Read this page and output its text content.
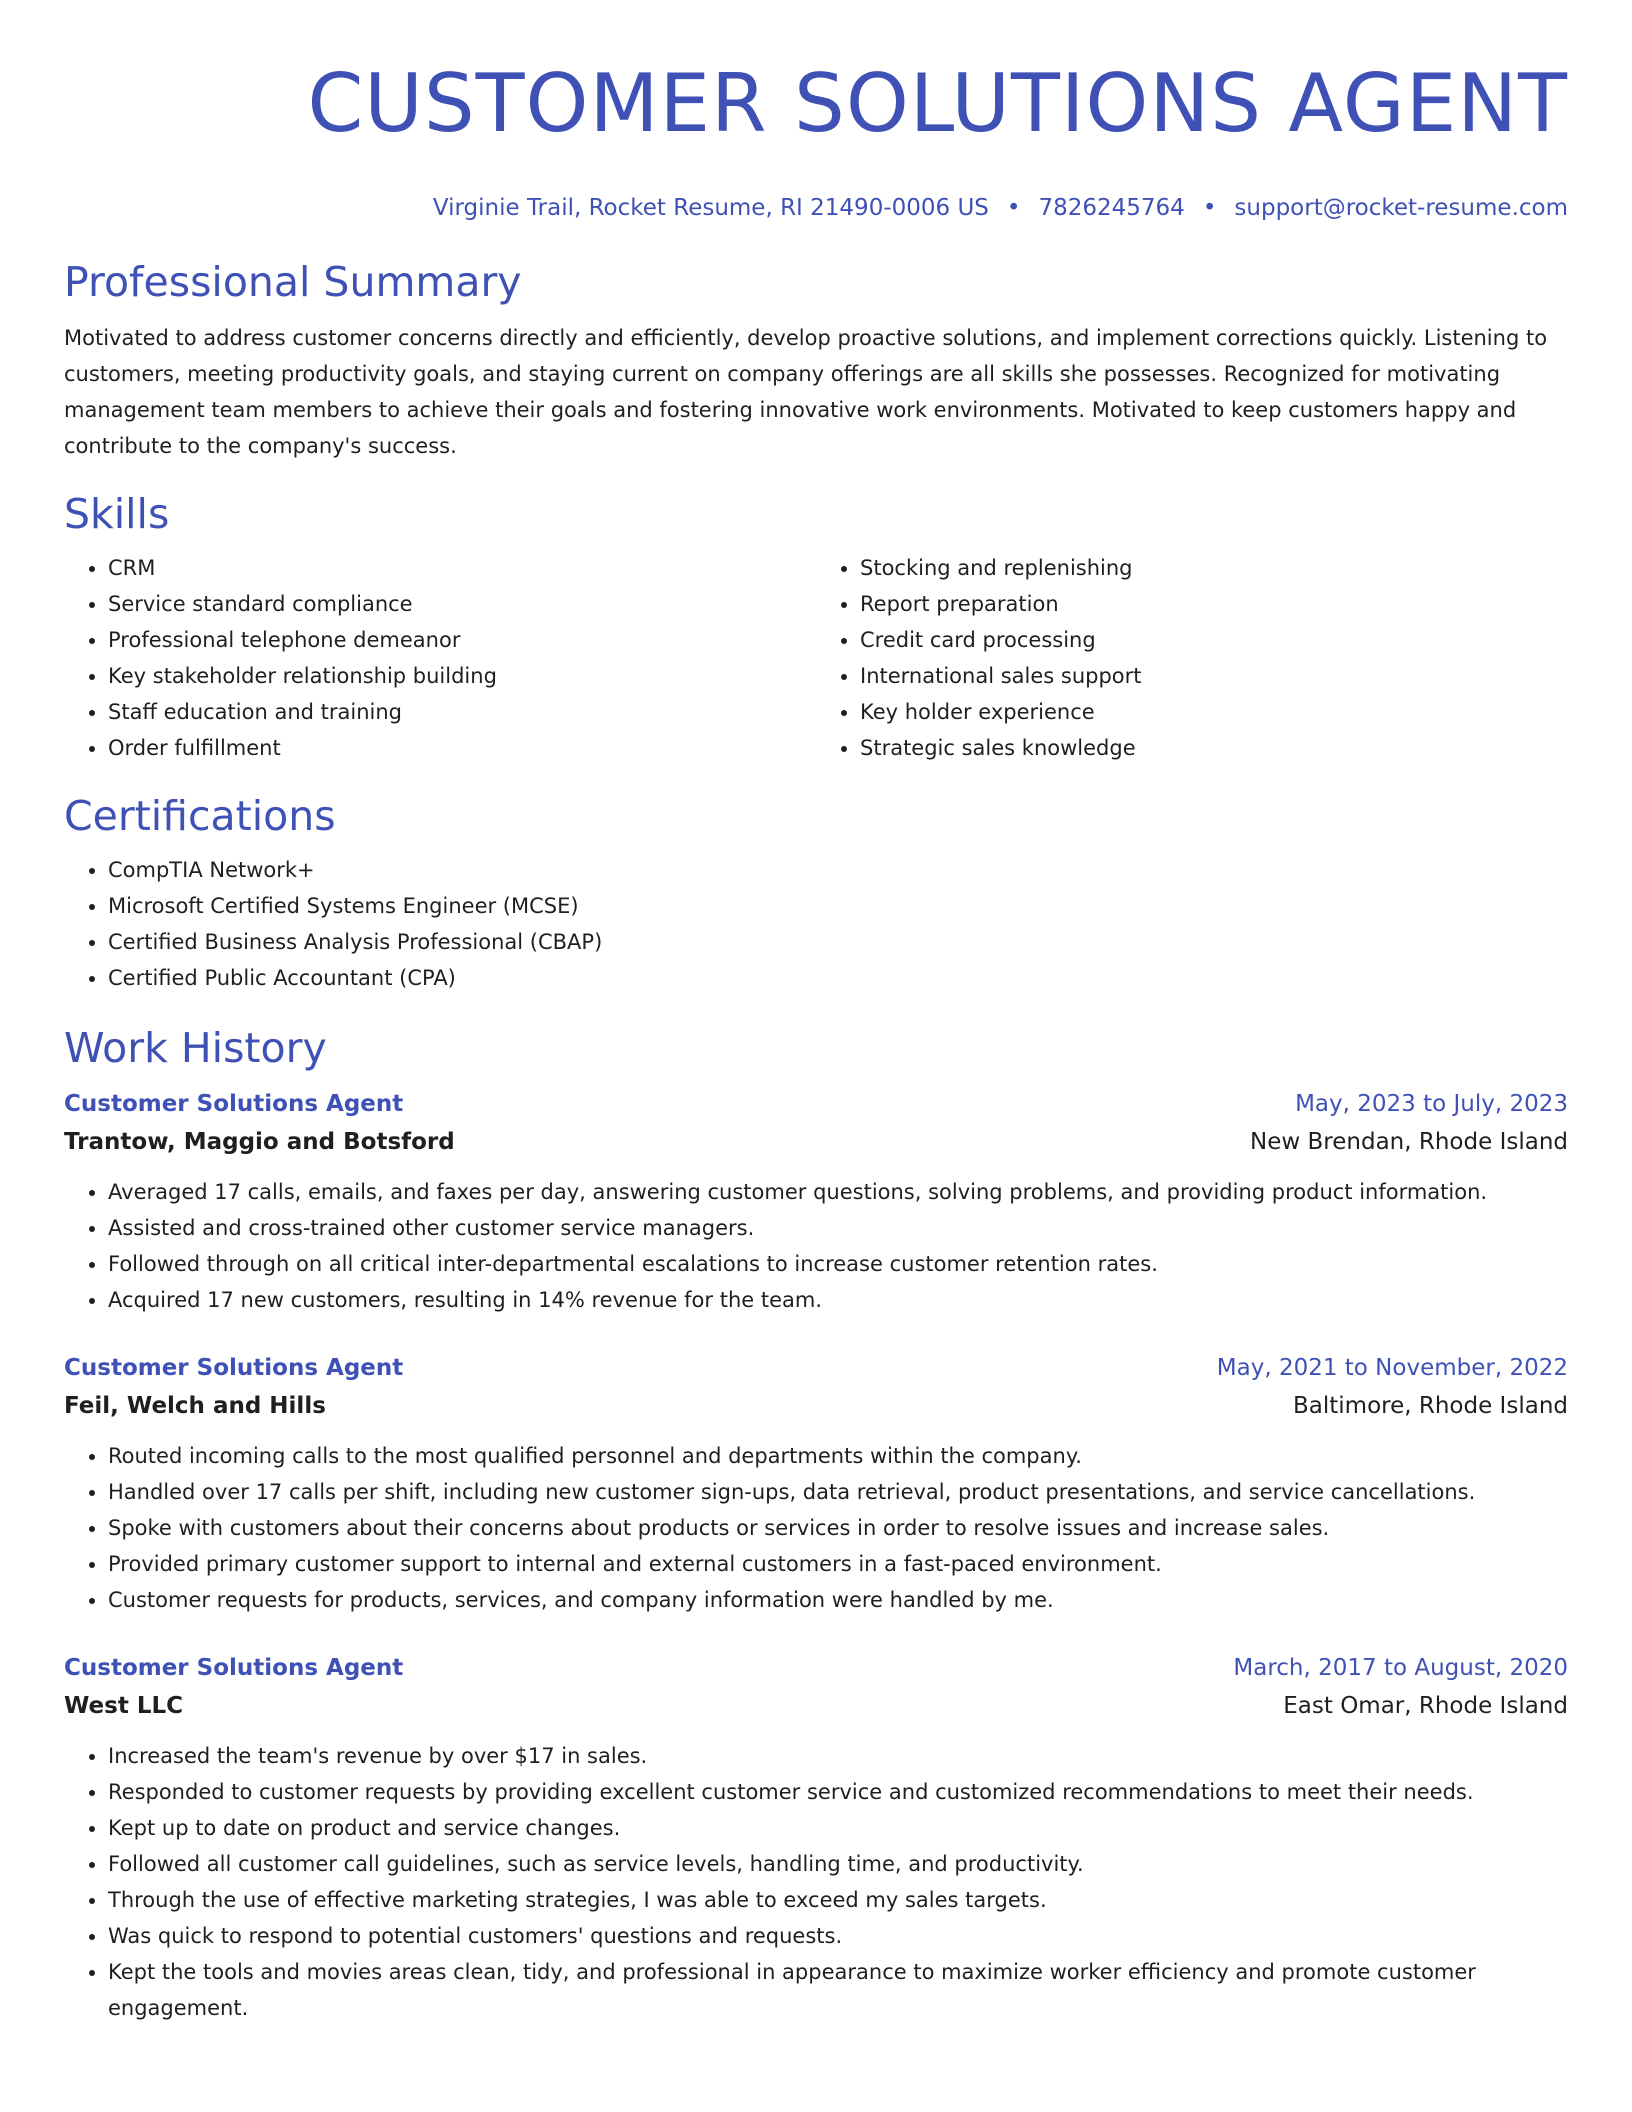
CUSTOMER SOLUTIONS AGENT
Virginie Trail, Rocket Resume, RI 21490-0006 US • 7826245764 • support@rocket-resume.com
Professional Summary

Motivated to address customer concerns directly and efficiently, develop proactive solutions, and implement corrections quickly. Listening to customers, meeting productivity goals, and staying current on company offerings are all skills she possesses. Recognized for motivating management team members to achieve their goals and fostering innovative work environments. Motivated to keep customers happy and contribute to the company's success.

Skills
• CRM
• Service standard compliance
• Professional telephone demeanor
• Key stakeholder relationship building
• Staff education and training
• Order fulfillment
• Stocking and replenishing
• Report preparation
• Credit card processing
• International sales support
• Key holder experience
• Strategic sales knowledge
Certifications
• CompTIA Network+
• Microsoft Certified Systems Engineer (MCSE)
• Certified Business Analysis Professional (CBAP)
• Certified Public Accountant (CPA)
Work History
Customer Solutions Agent	May, 2023 to July, 2023
Trantow, Maggio and Botsford	New Brendan, Rhode Island
• Averaged 17 calls, emails, and faxes per day, answering customer questions, solving problems, and providing product information.
• Assisted and cross-trained other customer service managers.
• Followed through on all critical inter-departmental escalations to increase customer retention rates.
• Acquired 17 new customers, resulting in 14% revenue for the team.
Customer Solutions Agent	May, 2021 to November, 2022
Feil, Welch and Hills	Baltimore, Rhode Island
• Routed incoming calls to the most qualified personnel and departments within the company.
• Handled over 17 calls per shift, including new customer sign-ups, data retrieval, product presentations, and service cancellations.
• Spoke with customers about their concerns about products or services in order to resolve issues and increase sales.
• Provided primary customer support to internal and external customers in a fast-paced environment.
• Customer requests for products, services, and company information were handled by me.
Customer Solutions Agent	March, 2017 to August, 2020
West LLC	East Omar, Rhode Island
• Increased the team's revenue by over $17 in sales.
• Responded to customer requests by providing excellent customer service and customized recommendations to meet their needs.
• Kept up to date on product and service changes.
• Followed all customer call guidelines, such as service levels, handling time, and productivity.
• Through the use of effective marketing strategies, I was able to exceed my sales targets.
• Was quick to respond to potential customers' questions and requests.
• Kept the tools and movies areas clean, tidy, and professional in appearance to maximize worker efficiency and promote customer engagement.
